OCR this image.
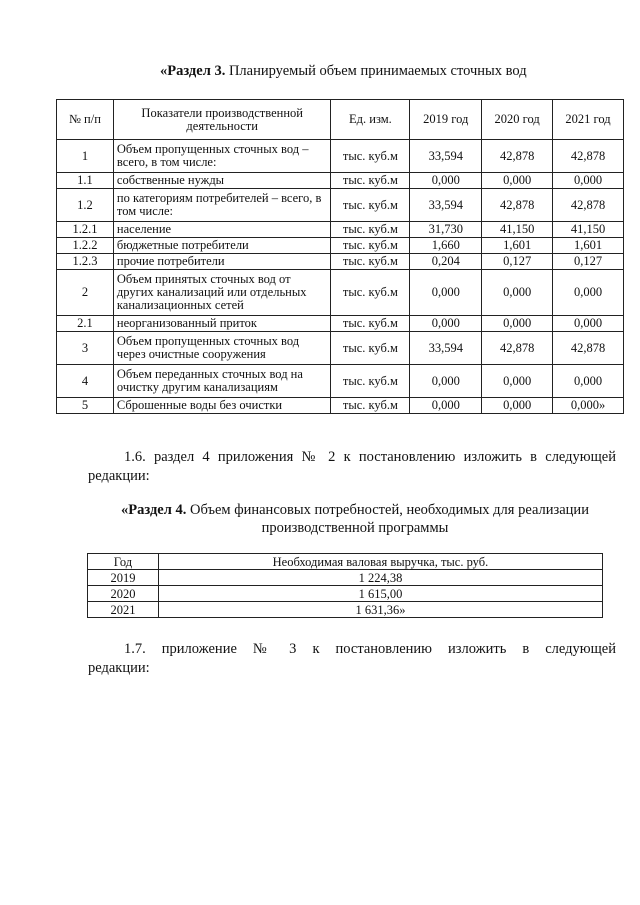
«Раздел 3. Планируемый объем принимаемых сточных вод
№ п/п	Показатели производственной деятельности	Ед. изм.	2019 год	2020 год	2021 год
1	Объем пропущенных сточных вод – всего, в том числе:	тыс. куб.м	33,594	42,878	42,878
1.1	собственные нужды	тыс. куб.м	0,000	0,000	0,000
1.2	по категориям потребителей – всего, в том числе:	тыс. куб.м	33,594	42,878	42,878
1.2.1	население	тыс. куб.м	31,730	41,150	41,150
1.2.2	бюджетные потребители	тыс. куб.м	1,660	1,601	1,601
1.2.3	прочие потребители	тыс. куб.м	0,204	0,127	0,127
2	Объем принятых сточных вод от других канализаций или отдельных канализационных сетей	тыс. куб.м	0,000	0,000	0,000
2.1	неорганизованный приток	тыс. куб.м	0,000	0,000	0,000
3	Объем пропущенных сточных вод через очистные сооружения	тыс. куб.м	33,594	42,878	42,878
4	Объем переданных сточных вод на очистку другим канализациям	тыс. куб.м	0,000	0,000	0,000
5	Сброшенные воды без очистки	тыс. куб.м	0,000	0,000	0,000»
1.6. раздел 4 приложения № 2 к постановлению изложить в следующей редакции:
«Раздел 4. Объем финансовых потребностей, необходимых для реализации производственной программы
Год	Необходимая валовая выручка, тыс. руб.
2019	1 224,38
2020	1 615,00
2021	1 631,36»
1.7. приложение № 3 к постановлению изложить в следующей редакции:
